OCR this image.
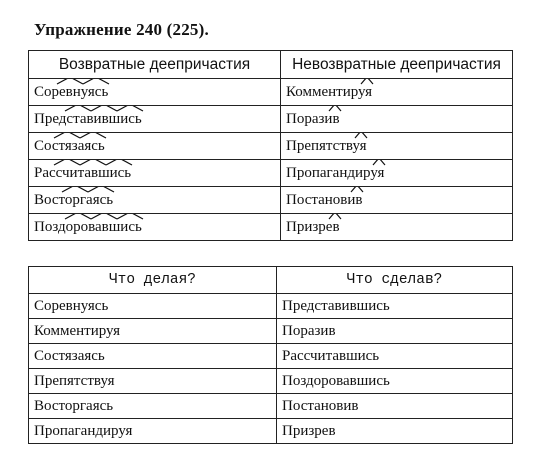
Упражнение 240 (225).
Возвратные деепричастия	Невозвратные деепричастия
Соревнуясь	Комментируя

Представившись	Поразив

Состязаясь	Препятствуя

Рассчитавшись	Пропагандируя

Восторгаясь	Постановив

Поздоровавшись	Призрев
Что делая?	Что сделав?
Соревнуясь	Представившись
Комментируя	Поразив
Состязаясь	Рассчитавшись
Препятствуя	Поздоровавшись
Восторгаясь	Постановив
Пропагандируя	Призрев
